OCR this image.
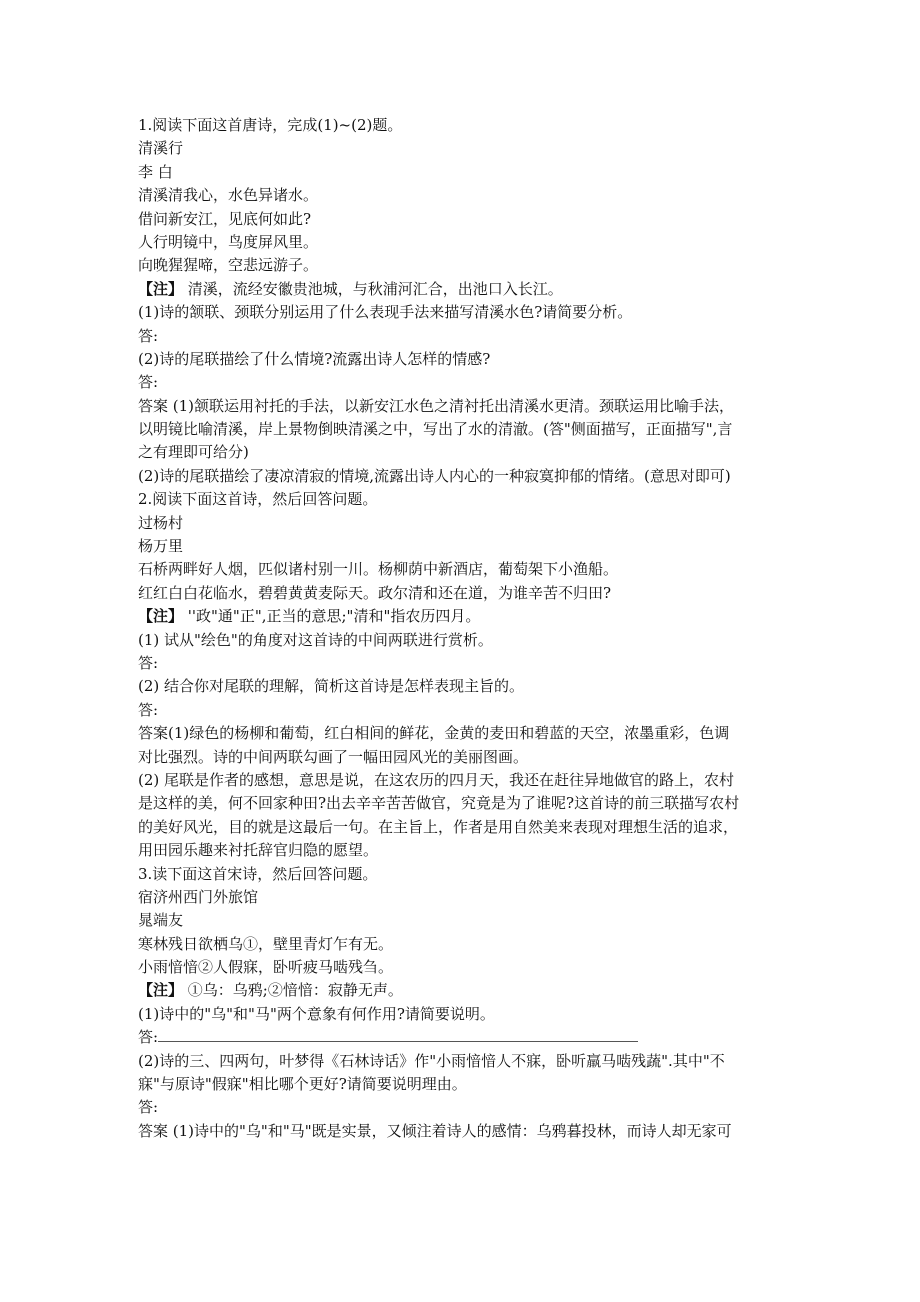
1.阅读下面这首唐诗，完成(1)~(2)题。
清溪行
李 白
清溪清我心，水色异诸水。
借问新安江，见底何如此?
人行明镜中，鸟度屏风里。
向晚猩猩啼，空悲远游子。
【注】 清溪，流经安徽贵池城，与秋浦河汇合，出池口入长江。
(1)诗的颔联、颈联分别运用了什么表现手法来描写清溪水色?请简要分析。
答:
(2)诗的尾联描绘了什么情境?流露出诗人怎样的情感?
答:
答案 (1)颔联运用衬托的手法，以新安江水色之清衬托出清溪水更清。颈联运用比喻手法，
以明镜比喻清溪，岸上景物倒映清溪之中，写出了水的清澈。(答"侧面描写，正面描写",言
之有理即可给分)
(2)诗的尾联描绘了凄凉清寂的情境,流露出诗人内心的一种寂寞抑郁的情绪。(意思对即可)
2.阅读下面这首诗，然后回答问题。
过杨村
杨万里
石桥两畔好人烟，匹似诸村别一川。杨柳荫中新酒店，葡萄架下小渔船。
红红白白花临水，碧碧黄黄麦际天。政尔清和还在道，为谁辛苦不归田?
【注】 ''政"通"正",正当的意思;"清和"指农历四月。
(1) 试从"绘色"的角度对这首诗的中间两联进行赏析。
答:
(2) 结合你对尾联的理解，简析这首诗是怎样表现主旨的。
答:
答案(1)绿色的杨柳和葡萄，红白相间的鲜花，金黄的麦田和碧蓝的天空，浓墨重彩，色调
对比强烈。诗的中间两联勾画了一幅田园风光的美丽图画。
(2) 尾联是作者的感想，意思是说，在这农历的四月天，我还在赶往异地做官的路上，农村
是这样的美，何不回家种田?出去辛辛苦苦做官，究竟是为了谁呢?这首诗的前三联描写农村
的美好风光，目的就是这最后一句。在主旨上，作者是用自然美来表现对理想生活的追求，
用田园乐趣来衬托辞官归隐的愿望。
3.读下面这首宋诗，然后回答问题。
宿济州西门外旅馆
晁端友
寒林残日欲栖乌①，壁里青灯乍有无。
小雨愔愔②人假寐，卧听疲马啮残刍。
【注】 ①乌：乌鸦;②愔愔：寂静无声。
(1)诗中的"乌"和"马"两个意象有何作用?请简要说明。
答:
(2)诗的三、四两句，叶梦得《石林诗话》作"小雨愔愔人不寐，卧听羸马啮残蔬".其中"不
寐"与原诗"假寐"相比哪个更好?请简要说明理由。
答:
答案 (1)诗中的"乌"和"马"既是实景，又倾注着诗人的感情：乌鸦暮投林，而诗人却无家可
